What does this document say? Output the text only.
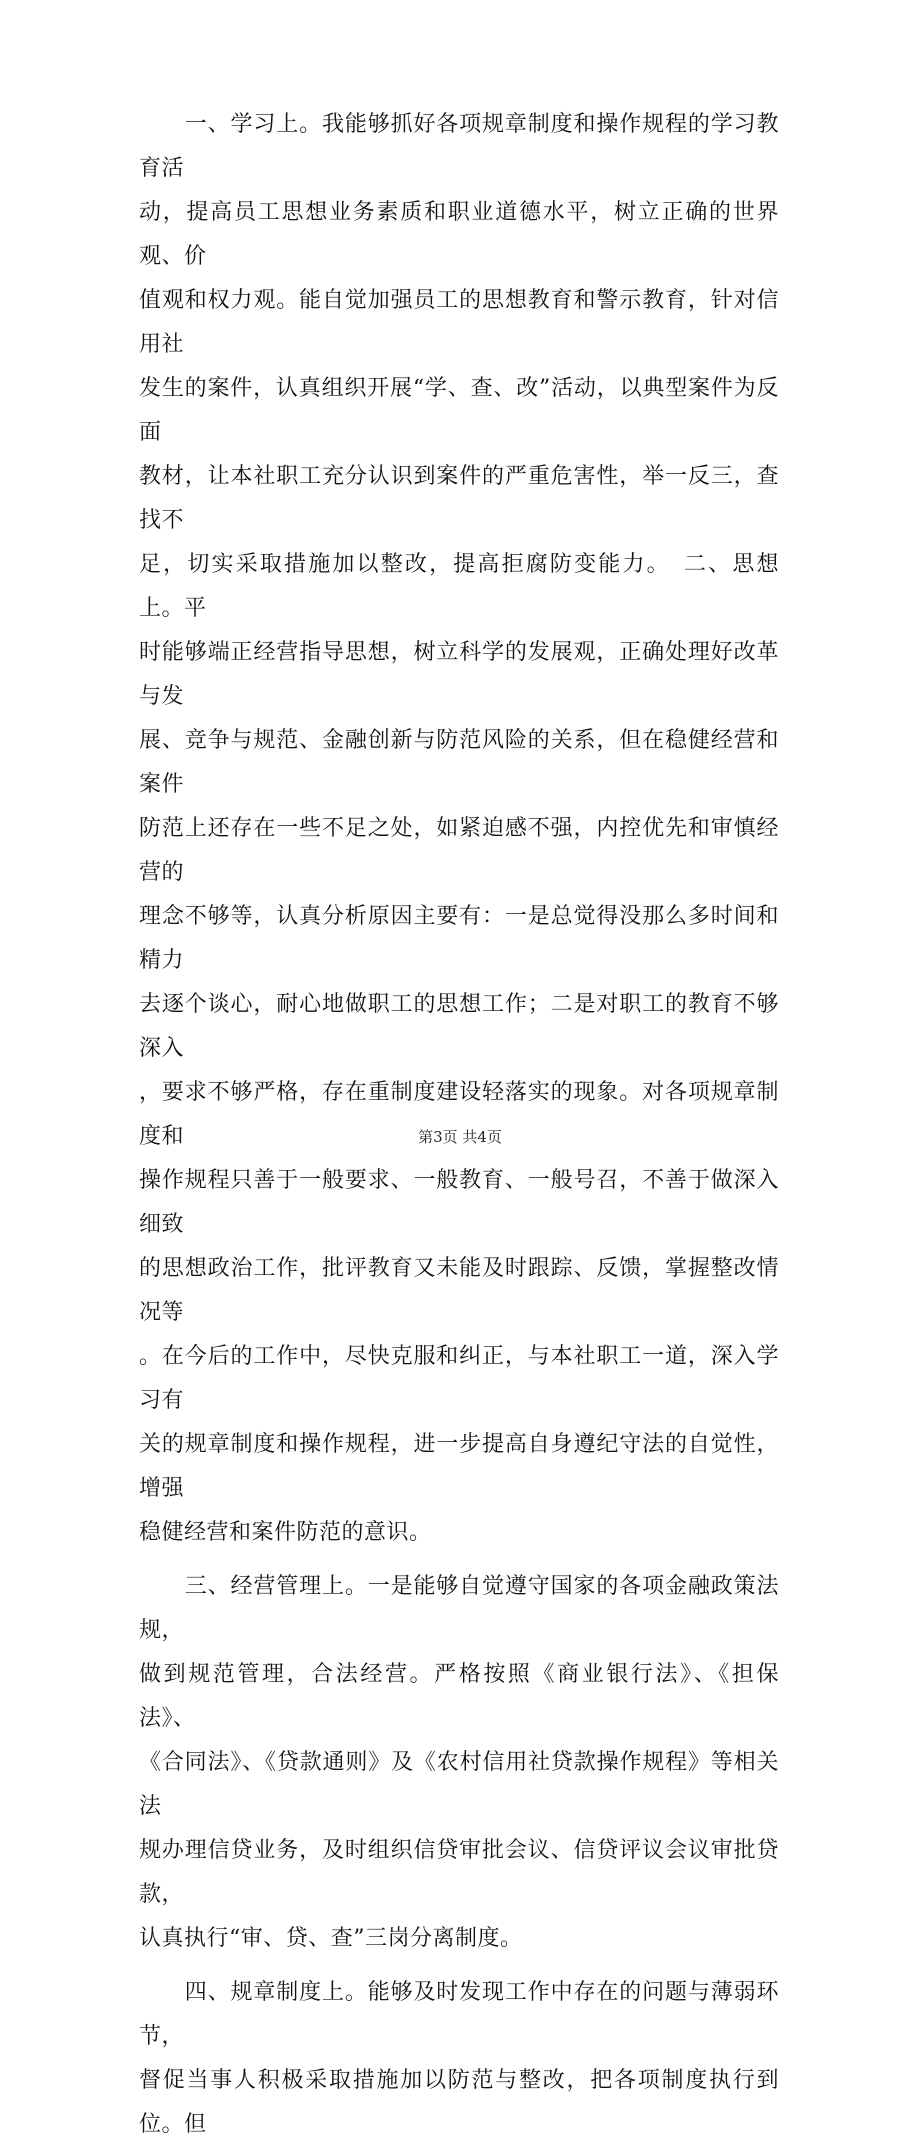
　　一、学习上。我能够抓好各项规章制度和操作规程的学习教育活
动，提高员工思想业务素质和职业道德水平，树立正确的世界观、价
值观和权力观。能自觉加强员工的思想教育和警示教育，针对信用社
发生的案件，认真组织开展“学、查、改”活动，以典型案件为反面
教材，让本社职工充分认识到案件的严重危害性，举一反三，查找不
足，切实采取措施加以整改，提高拒腐防变能力。　二、思想上。平
时能够端正经营指导思想，树立科学的发展观，正确处理好改革与发
展、竞争与规范、金融创新与防范风险的关系，但在稳健经营和案件
防范上还存在一些不足之处，如紧迫感不强，内控优先和审慎经营的
理念不够等，认真分析原因主要有：一是总觉得没那么多时间和精力
去逐个谈心，耐心地做职工的思想工作；二是对职工的教育不够深入
，要求不够严格，存在重制度建设轻落实的现象。对各项规章制度和
操作规程只善于一般要求、一般教育、一般号召，不善于做深入细致
的思想政治工作，批评教育又未能及时跟踪、反馈，掌握整改情况等
。在今后的工作中，尽快克服和纠正，与本社职工一道，深入学习有
关的规章制度和操作规程，进一步提高自身遵纪守法的自觉性，增强
稳健经营和案件防范的意识。

　　三、经营管理上。一是能够自觉遵守国家的各项金融政策法规，
做到规范管理，合法经营。严格按照《商业银行法》、《担保法》、
《合同法》、《贷款通则》及《农村信用社贷款操作规程》等相关法
规办理信贷业务，及时组织信贷审批会议、信贷评议会议审批贷款，
认真执行“审、贷、查”三岗分离制度。

　　四、规章制度上。能够及时发现工作中存在的问题与薄弱环节，
督促当事人积极采取措施加以防范与整改，把各项制度执行到位。但

第3页 共4页
